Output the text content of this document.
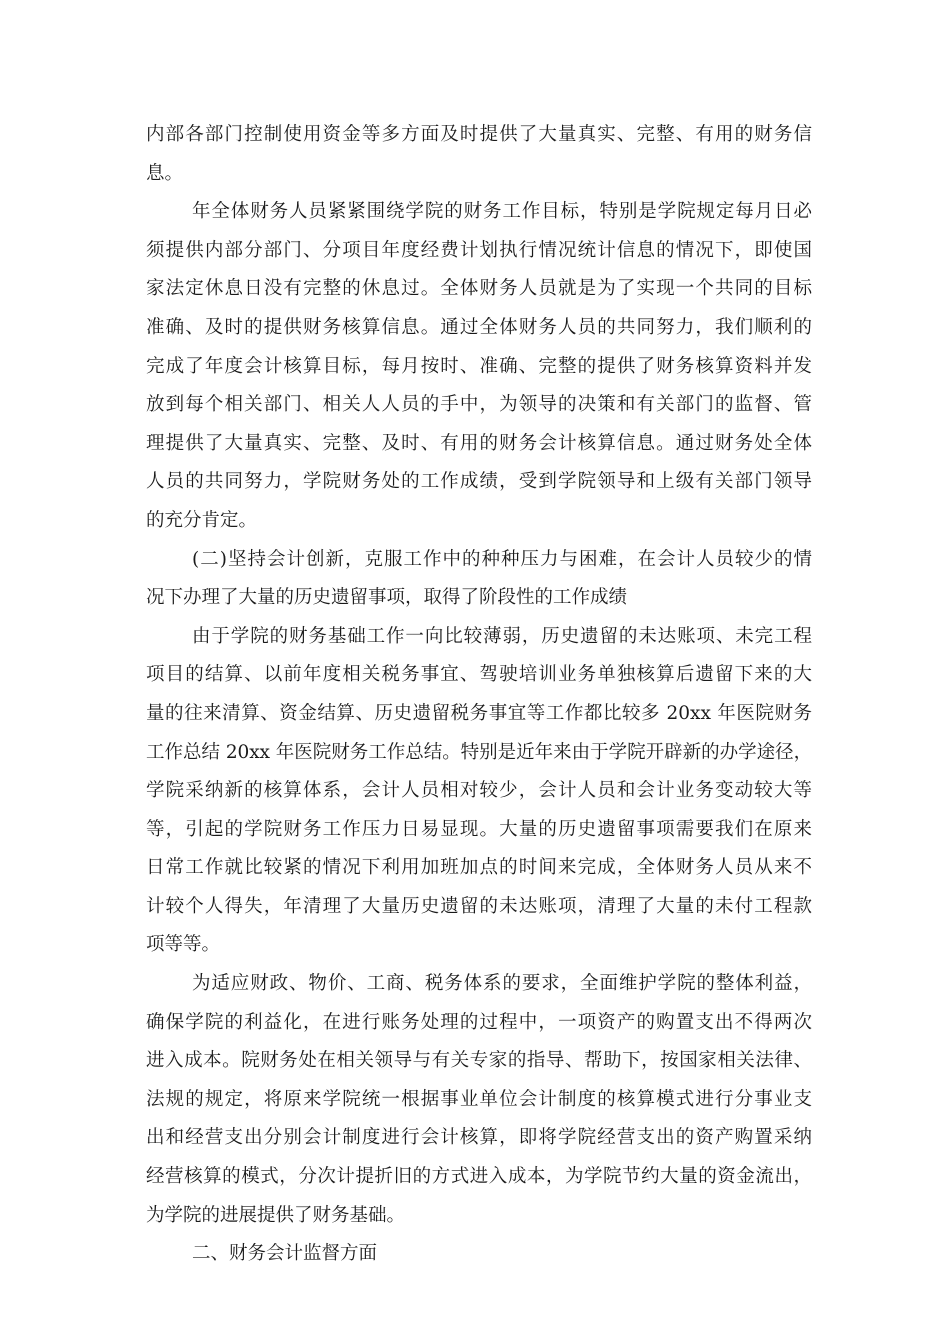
内部各部门控制使用资金等多方面及时提供了大量真实、完整、有用的财务信
息。
年全体财务人员紧紧围绕学院的财务工作目标，特别是学院规定每月日必
须提供内部分部门、分项目年度经费计划执行情况统计信息的情况下，即使国
家法定休息日没有完整的休息过。全体财务人员就是为了实现一个共同的目标
准确、及时的提供财务核算信息。通过全体财务人员的共同努力，我们顺利的
完成了年度会计核算目标，每月按时、准确、完整的提供了财务核算资料并发
放到每个相关部门、相关人人员的手中，为领导的决策和有关部门的监督、管
理提供了大量真实、完整、及时、有用的财务会计核算信息。通过财务处全体
人员的共同努力，学院财务处的工作成绩，受到学院领导和上级有关部门领导
的充分肯定。
(二)坚持会计创新，克服工作中的种种压力与困难，在会计人员较少的情
况下办理了大量的历史遗留事项，取得了阶段性的工作成绩
由于学院的财务基础工作一向比较薄弱，历史遗留的未达账项、未完工程
项目的结算、以前年度相关税务事宜、驾驶培训业务单独核算后遗留下来的大
量的往来清算、资金结算、历史遗留税务事宜等工作都比较多 20xx 年医院财务
工作总结 20xx 年医院财务工作总结。特别是近年来由于学院开辟新的办学途径，
学院采纳新的核算体系，会计人员相对较少，会计人员和会计业务变动较大等
等，引起的学院财务工作压力日易显现。大量的历史遗留事项需要我们在原来
日常工作就比较紧的情况下利用加班加点的时间来完成，全体财务人员从来不
计较个人得失，年清理了大量历史遗留的未达账项，清理了大量的未付工程款
项等等。
为适应财政、物价、工商、税务体系的要求，全面维护学院的整体利益，
确保学院的利益化，在进行账务处理的过程中，一项资产的购置支出不得两次
进入成本。院财务处在相关领导与有关专家的指导、帮助下，按国家相关法律、
法规的规定，将原来学院统一根据事业单位会计制度的核算模式进行分事业支
出和经营支出分别会计制度进行会计核算，即将学院经营支出的资产购置采纳
经营核算的模式，分次计提折旧的方式进入成本，为学院节约大量的资金流出，
为学院的进展提供了财务基础。
二、财务会计监督方面
